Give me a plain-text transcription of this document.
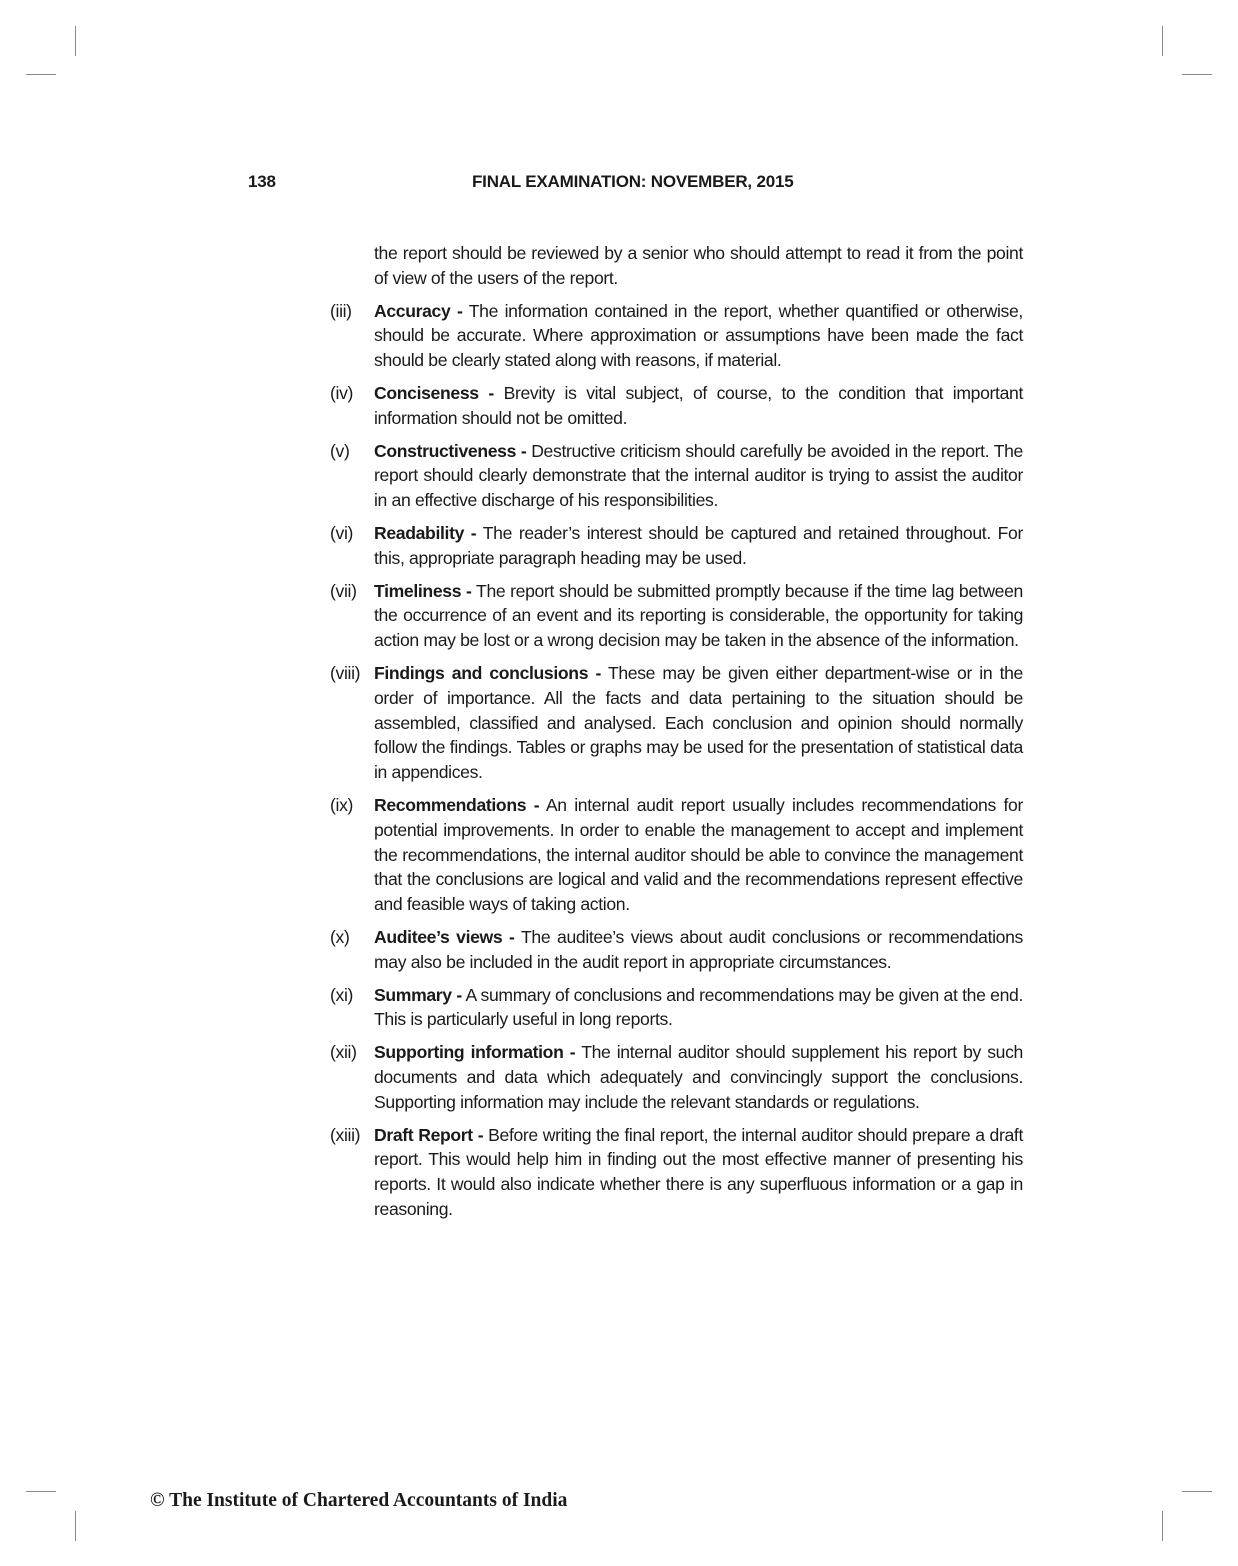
138	FINAL EXAMINATION: NOVEMBER, 2015

the report should be reviewed by a senior who should attempt to read it from the point of view of the users of the report.

(iii)	Accuracy - The information contained in the report, whether quantified or otherwise, should be accurate. Where approximation or assumptions have been made the fact should be clearly stated along with reasons, if material.
(iv)	Conciseness - Brevity is vital subject, of course, to the condition that important information should not be omitted.
(v)	Constructiveness - Destructive criticism should carefully be avoided in the report. The report should clearly demonstrate that the internal auditor is trying to assist the auditor in an effective discharge of his responsibilities.
(vi)	Readability - The reader’s interest should be captured and retained throughout. For this, appropriate paragraph heading may be used.
(vii) Timeliness - The report should be submitted promptly because if the time lag between the occurrence of an event and its reporting is considerable, the opportunity for taking action may be lost or a wrong decision may be taken in the absence of the information.
(viii) Findings and conclusions - These may be given either department-wise or in the order of importance. All the facts and data pertaining to the situation should be assembled, classified and analysed. Each conclusion and opinion should normally follow the findings. Tables or graphs may be used for the presentation of statistical data in appendices.
(ix)	Recommendations - An internal audit report usually includes recommendations for potential improvements. In order to enable the management to accept and implement the recommendations, the internal auditor should be able to convince the management that the conclusions are logical and valid and the recommendations represent effective and feasible ways of taking action.
(x)	Auditee’s views - The auditee’s views about audit conclusions or recommendations may also be included in the audit report in appropriate circumstances.
(xi)	Summary - A summary of conclusions and recommendations may be given at the end. This is particularly useful in long reports.
(xii) Supporting information - The internal auditor should supplement his report by such documents and data which adequately and convincingly support the conclusions. Supporting information may include the relevant standards or regulations.
(xiii) Draft Report - Before writing the final report, the internal auditor should prepare a draft report. This would help him in finding out the most effective manner of presenting his reports. It would also indicate whether there is any superfluous information or a gap in reasoning.
© The Institute of Chartered Accountants of India
